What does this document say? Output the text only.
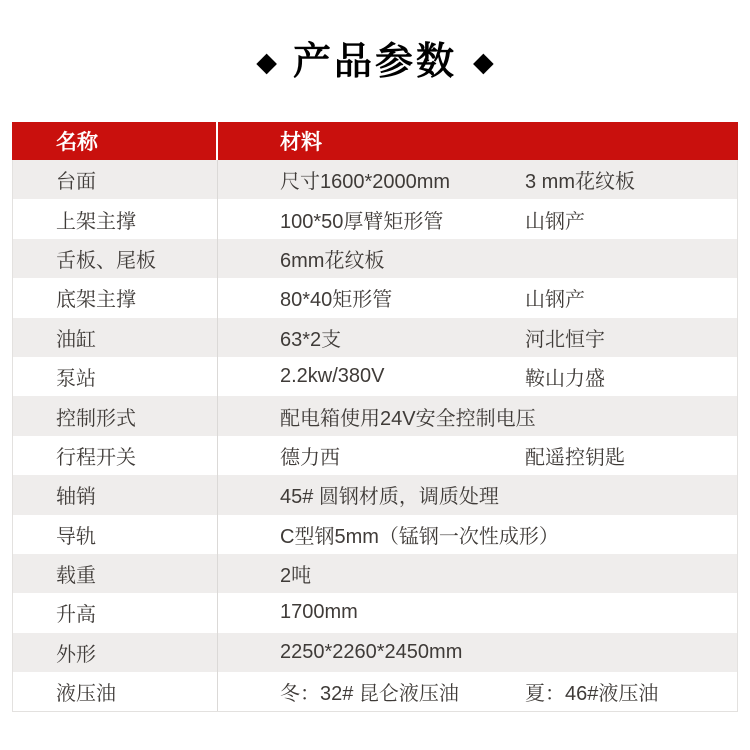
◆ 产品参数 ◆
名称	材料
台面	尺寸1600*2000mm	3 mm花纹板
上架主撑	100*50厚臂矩形管	山钢产
舌板、尾板	6mm花纹板
底架主撑	80*40矩形管	山钢产
油缸	63*2支	河北恒宇
泵站	2.2kw/380V	鞍山力盛
控制形式	配电箱使用24V安全控制电压
行程开关	德力西	配遥控钥匙
轴销	45# 圆钢材质，调质处理
导轨	C型钢5mm（锰钢一次性成形）
载重	2吨
升高	1700mm
外形	2250*2260*2450mm
液压油	冬：32# 昆仑液压油	夏：46#液压油
